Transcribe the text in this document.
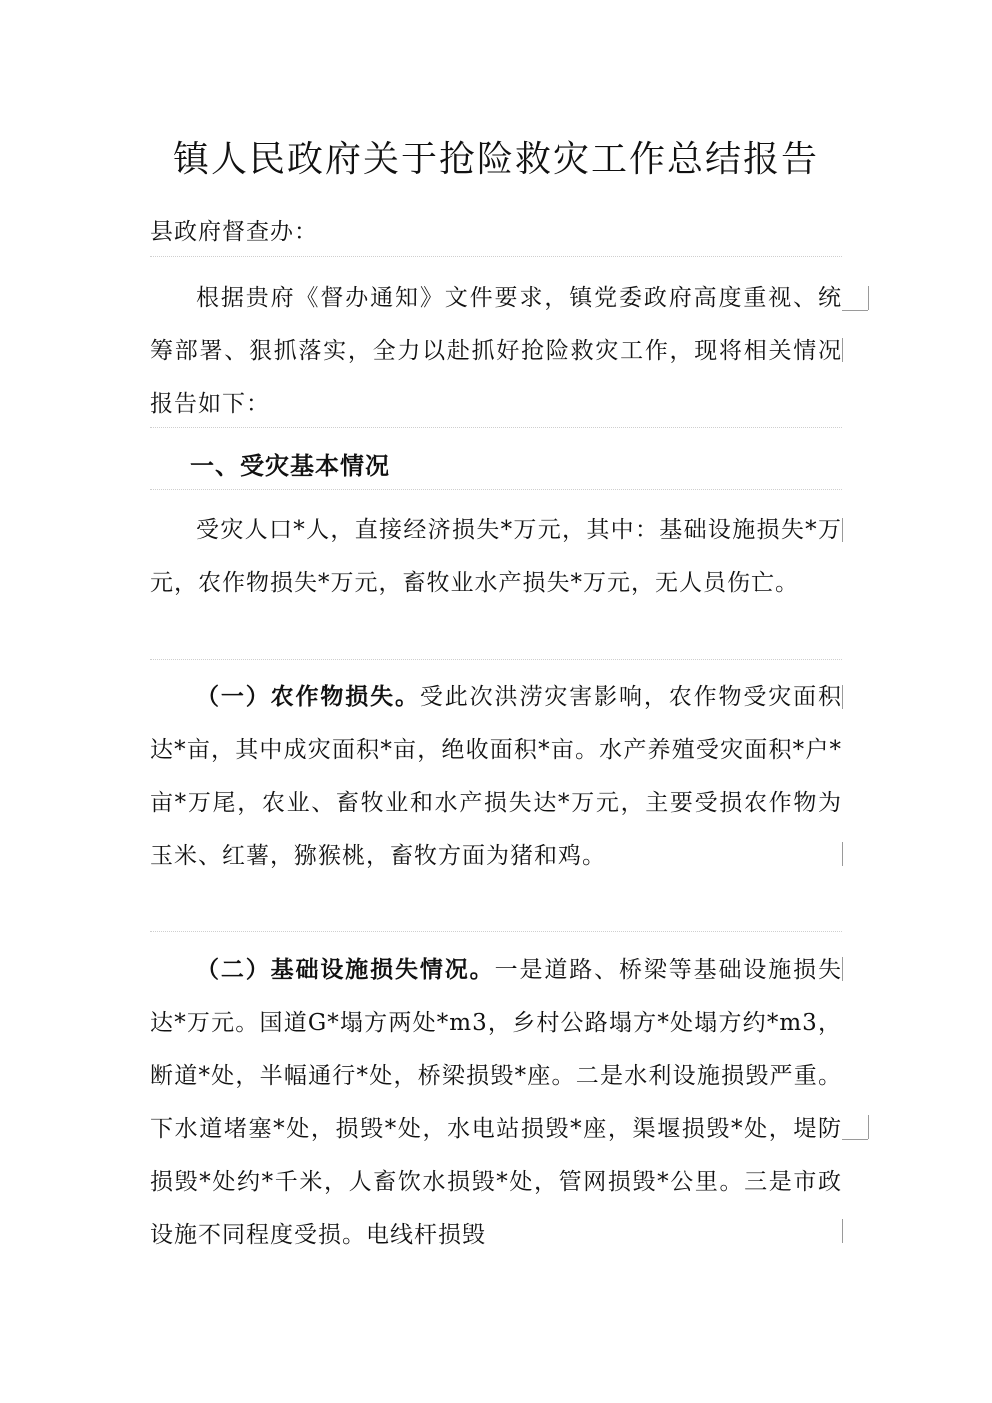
镇人民政府关于抢险救灾工作总结报告

县政府督查办：

根据贵府《督办通知》文件要求，镇党委政府高度重视、统筹部署、狠抓落实，全力以赴抓好抢险救灾工作，现将相关情况报告如下：

一、受灾基本情况

受灾人口*人，直接经济损失*万元，其中：基础设施损失*万元，农作物损失*万元，畜牧业水产损失*万元，无人员伤亡。

（一）农作物损失。受此次洪涝灾害影响，农作物受灾面积达*亩，其中成灾面积*亩，绝收面积*亩。水产养殖受灾面积*户*亩*万尾，农业、畜牧业和水产损失达*万元，主要受损农作物为玉米、红薯，猕猴桃，畜牧方面为猪和鸡。

（二）基础设施损失情况。一是道路、桥梁等基础设施损失达*万元。国道G*塌方两处*m3，乡村公路塌方*处塌方约*m3，断道*处，半幅通行*处，桥梁损毁*座。二是水利设施损毁严重。下水道堵塞*处，损毁*处，水电站损毁*座，渠堰损毁*处，堤防损毁*处约*千米，人畜饮水损毁*处，管网损毁*公里。三是市政设施不同程度受损。电线杆损毁
